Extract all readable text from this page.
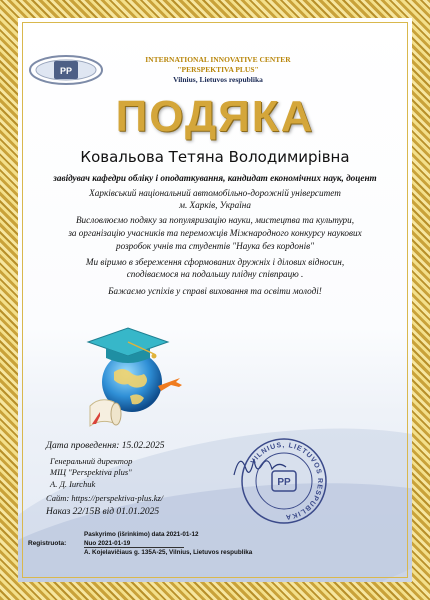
PP
INTERNATIONAL INNOVATIVE CENTER
"PERSPEKTIVA PLUS"
Vilnius, Lietuvos respublika
ПОДЯКА
Ковальова Тетяна Володимирівна
завідувач кафедри обліку і оподаткування, кандидат економічних наук, доцент
Харківський національний автомобільно-дорожній університет
м. Харків, Україна
Висловлюємо подяку за популяризацію науки, мистецтва та культури,
за організацію учасників та переможців Міжнародного конкурсу наукових
розробок учнів та студентів "Наука без кордонів"
Ми віримо в збереження сформованих дружніх і ділових відносин,
сподіваємося на подальшу плідну співпрацю .
Бажаємо успіхів у справі виховання та освіти молоді!
Дата проведення: 15.02.2025
Генеральний директор
МІЦ "Perspektiva plus"
А. Д. Іurchuk
Сайт: https://perspektiva-plus.kz/
Наказ 22/15В від 01.01.2025
VILNIUS, LIETUVOS RESPUBLIKA
PP
Registruota:
Paskyrimo (išrinkimo) data 2021-01-12
Nuo 2021-01-19
A. Kojelavičiaus g. 135A-25, Vilnius, Lietuvos respublika
